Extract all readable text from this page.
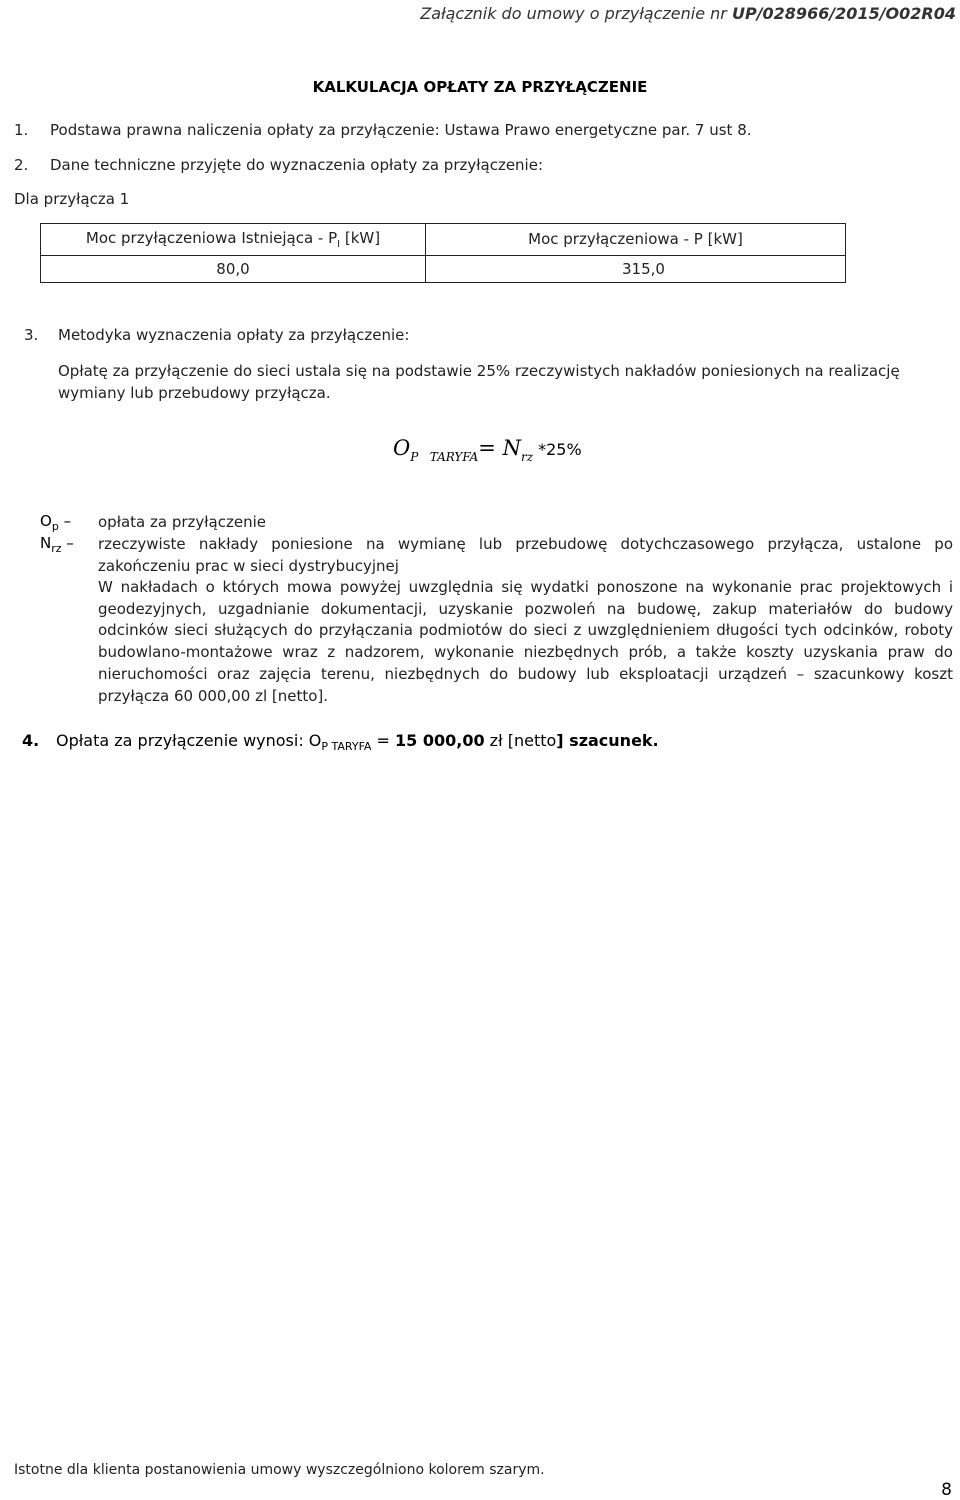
Załącznik do umowy o przyłączenie nr UP/028966/2015/O02R04
KALKULACJA OPŁATY ZA PRZYŁĄCZENIE
1. Podstawa prawna naliczenia opłaty za przyłączenie: Ustawa Prawo energetyczne par. 7 ust 8.
2. Dane techniczne przyjęte do wyznaczenia opłaty za przyłączenie:
Dla przyłącza 1
Moc przyłączeniowa Istniejąca - $P_I$ [kW]	Moc przyłączeniowa - P [kW]
80,0	315,0
3. Metodyka wyznaczenia opłaty za przyłączenie:
Opłatę za przyłączenie do sieci ustala się na podstawie 25% rzeczywistych nakładów poniesionych na realizację wymiany lub przebudowy przyłącza.
$O_{P TARYFA}= N_{rz}$ *25%
$O_p$ – opłata za przyłączenie
$N_{rz}$ – rzeczywiste nakłady poniesione na wymianę lub przebudowę dotychczasowego przyłącza, ustalone po zakończeniu prac w sieci dystrybucyjnej
W nakładach o których mowa powyżej uwzględnia się wydatki ponoszone na wykonanie prac projektowych i geodezyjnych, uzgadnianie dokumentacji, uzyskanie pozwoleń na budowę, zakup materiałów do budowy odcinków sieci służących do przyłączania podmiotów do sieci z uwzględnieniem długości tych odcinków, roboty budowlano-montażowe wraz z nadzorem, wykonanie niezbędnych prób, a także koszty uzyskania praw do nieruchomości oraz zajęcia terenu, niezbędnych do budowy lub eksploatacji urządzeń – szacunkowy koszt przyłącza 60 000,00 zl [netto].
4. Opłata za przyłączenie wynosi: $O_{P TARYFA} = 15$ 000,00 zł [netto] szacunek.
Istotne dla klienta postanowienia umowy wyszczególniono kolorem szarym.
8
